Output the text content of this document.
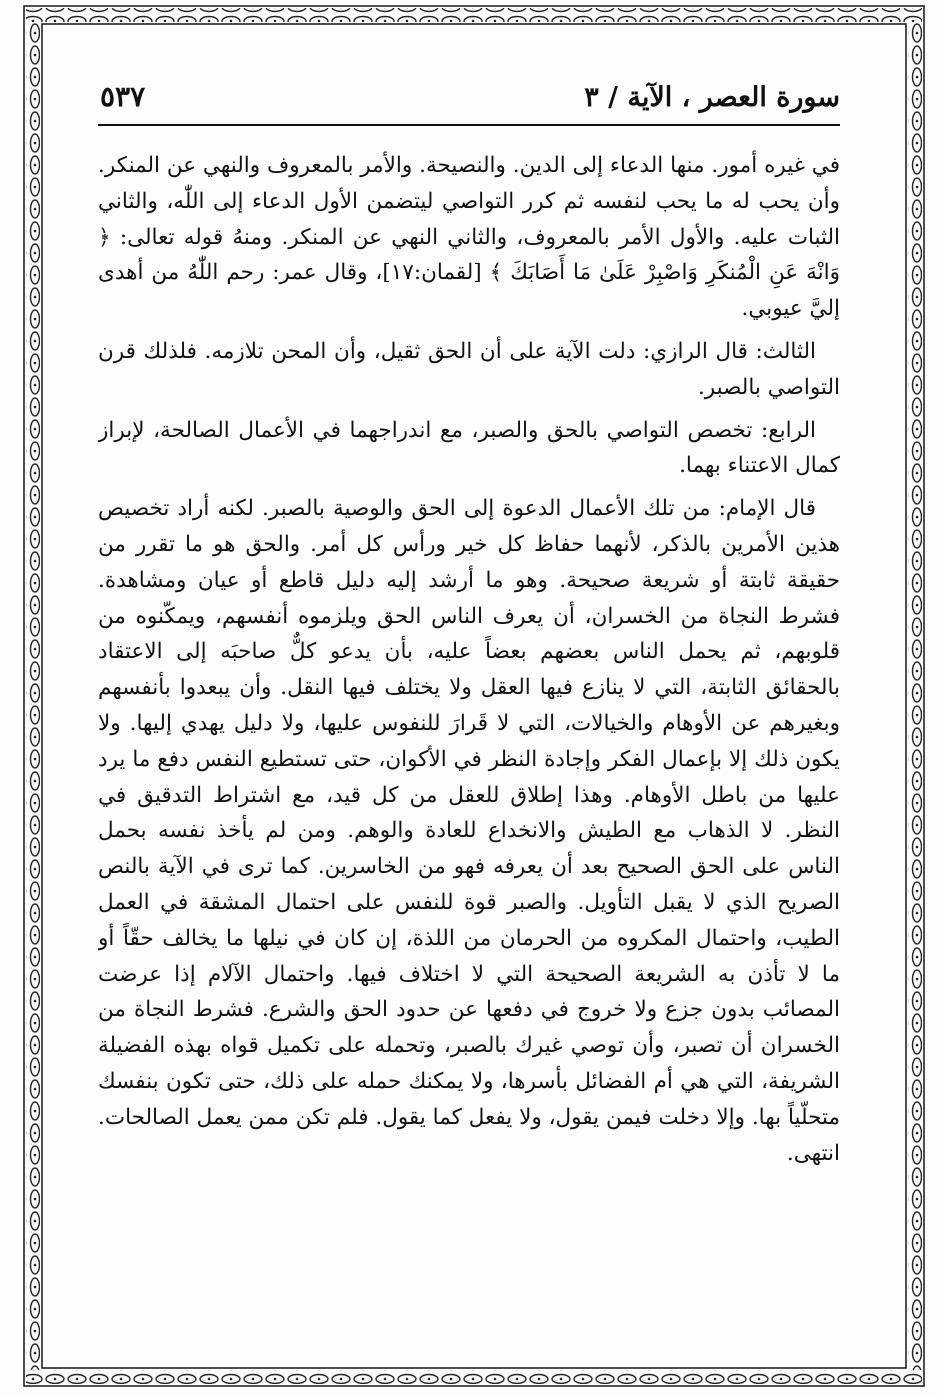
سورة العصر ، الآية / ٣
٥٣٧

في غيره أمور. منها الدعاء إلى الدين. والنصيحة. والأمر بالمعروف والنهي عن المنكر. وأن يحب له ما يحب لنفسه ثم كرر التواصي ليتضمن الأول الدعاء إلى اللّٰه، والثاني الثبات عليه. والأول الأمر بالمعروف، والثاني النهي عن المنكر. ومنهُ قوله تعالى: ﴿ وَانْهَ عَنِ الْمُنكَرِ وَاصْبِرْ عَلَىٰ مَا أَصَابَكَ ﴾ [لقمان:١٧]، وقال عمر: رحم اللّٰهُ من أهدى إليَّ عيوبي.

الثالث: قال الرازي: دلت الآية على أن الحق ثقيل، وأن المحن تلازمه. فلذلك قرن التواصي بالصبر.

الرابع: تخصص التواصي بالحق والصبر، مع اندراجهما في الأعمال الصالحة، لإبراز كمال الاعتناء بهما.

قال الإمام: من تلك الأعمال الدعوة إلى الحق والوصية بالصبر. لكنه أراد تخصيص هذين الأمرين بالذكر، لأنهما حفاظ كل خير ورأس كل أمر. والحق هو ما تقرر من حقيقة ثابتة أو شريعة صحيحة. وهو ما أرشد إليه دليل قاطع أو عيان ومشاهدة. فشرط النجاة من الخسران، أن يعرف الناس الحق ويلزموه أنفسهم، ويمكّنوه من قلوبهم، ثم يحمل الناس بعضهم بعضاً عليه، بأن يدعو كلٌّ صاحبَه إلى الاعتقاد بالحقائق الثابتة، التي لا ينازع فيها العقل ولا يختلف فيها النقل. وأن يبعدوا بأنفسهم وبغيرهم عن الأوهام والخيالات، التي لا قَرارَ للنفوس عليها، ولا دليل يهدي إليها. ولا يكون ذلك إلا بإعمال الفكر وإجادة النظر في الأكوان، حتى تستطيع النفس دفع ما يرد عليها من باطل الأوهام. وهذا إطلاق للعقل من كل قيد، مع اشتراط التدقيق في النظر. لا الذهاب مع الطيش والانخداع للعادة والوهم. ومن لم يأخذ نفسه بحمل الناس على الحق الصحيح بعد أن يعرفه فهو من الخاسرين. كما ترى في الآية بالنص الصريح الذي لا يقبل التأويل. والصبر قوة للنفس على احتمال المشقة في العمل الطيب، واحتمال المكروه من الحرمان من اللذة، إن كان في نيلها ما يخالف حقّاً أو ما لا تأذن به الشريعة الصحيحة التي لا اختلاف فيها. واحتمال الآلام إذا عرضت المصائب بدون جزع ولا خروج في دفعها عن حدود الحق والشرع. فشرط النجاة من الخسران أن تصبر، وأن توصي غيرك بالصبر، وتحمله على تكميل قواه بهذه الفضيلة الشريفة، التي هي أم الفضائل بأسرها، ولا يمكنك حمله على ذلك، حتى تكون بنفسك متحلّياً بها. وإلا دخلت فيمن يقول، ولا يفعل كما يقول. فلم تكن ممن يعمل الصالحات. انتهى.
